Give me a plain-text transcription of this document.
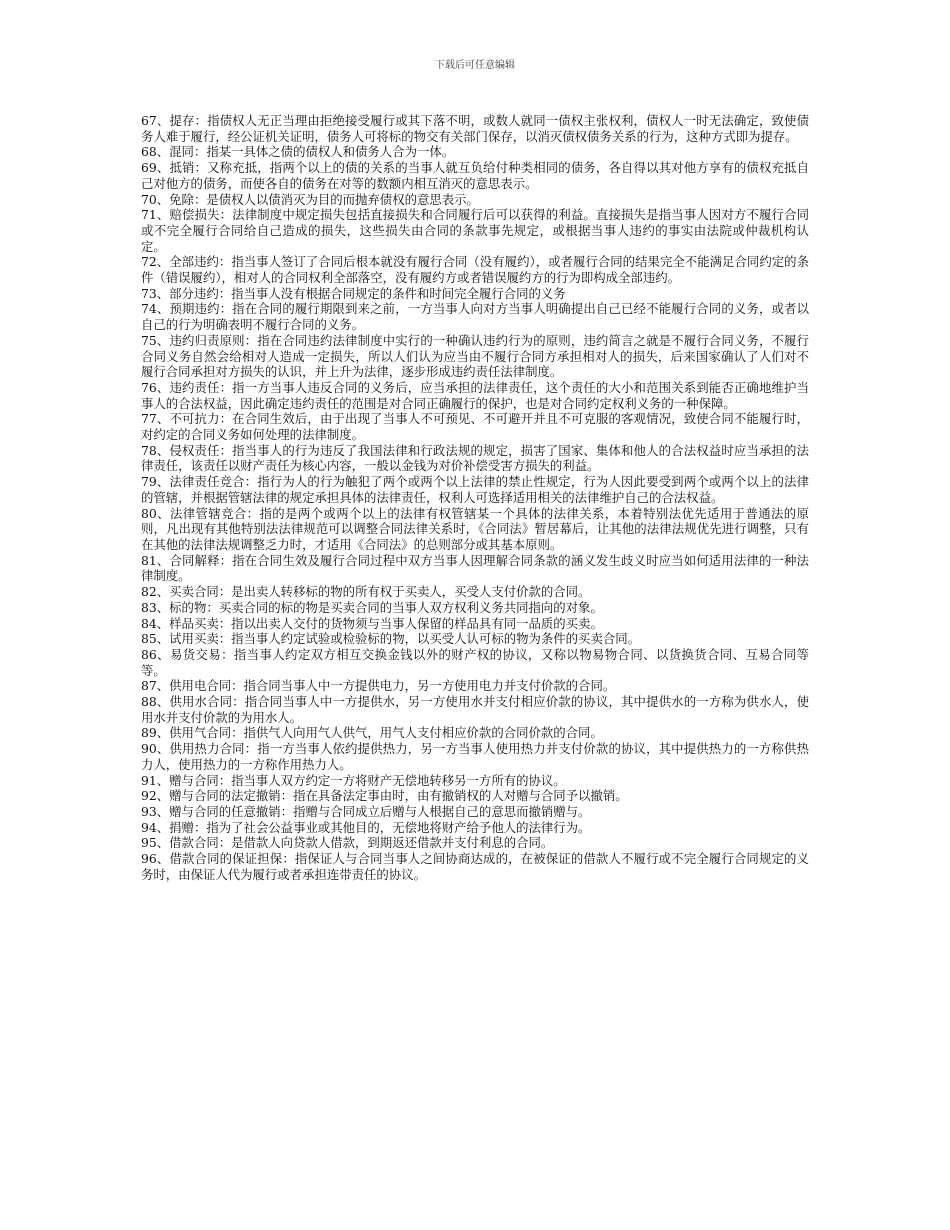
下载后可任意编辑

67、提存：指债权人无正当理由拒绝接受履行或其下落不明，或数人就同一债权主张权利，债权人一时无法确定，致使债务人难于履行，经公证机关证明，债务人可将标的物交有关部门保存，以消灭债权债务关系的行为，这种方式即为提存。

68、混同：指某一具体之债的债权人和债务人合为一体。

69、抵销：又称充抵，指两个以上的债的关系的当事人就互负给付种类相同的债务，各自得以其对他方享有的债权充抵自己对他方的债务，而使各自的债务在对等的数额内相互消灭的意思表示。

70、免除：是债权人以债消灭为目的而抛弃债权的意思表示。

71、赔偿损失：法律制度中规定损失包括直接损失和合同履行后可以获得的利益。直接损失是指当事人因对方不履行合同或不完全履行合同给自己造成的损失，这些损失由合同的条款事先规定，或根据当事人违约的事实由法院或仲裁机构认定。

72、全部违约：指当事人签订了合同后根本就没有履行合同（没有履约），或者履行合同的结果完全不能满足合同约定的条件（错误履约），相对人的合同权利全部落空，没有履约方或者错误履约方的行为即构成全部违约。

73、部分违约：指当事人没有根据合同规定的条件和时间完全履行合同的义务

74、预期违约：指在合同的履行期限到来之前，一方当事人向对方当事人明确提出自己已经不能履行合同的义务，或者以自己的行为明确表明不履行合同的义务。

75、违约归责原则：指在合同违约法律制度中实行的一种确认违约行为的原则，违约简言之就是不履行合同义务，不履行合同义务自然会给相对人造成一定损失，所以人们认为应当由不履行合同方承担相对人的损失，后来国家确认了人们对不履行合同承担对方损失的认识，并上升为法律，逐步形成违约责任法律制度。

76、违约责任：指一方当事人违反合同的义务后，应当承担的法律责任，这个责任的大小和范围关系到能否正确地维护当事人的合法权益，因此确定违约责任的范围是对合同正确履行的保护，也是对合同约定权利义务的一种保障。

77、不可抗力：在合同生效后，由于出现了当事人不可预见、不可避开并且不可克服的客观情况，致使合同不能履行时，对约定的合同义务如何处理的法律制度。

78、侵权责任：指当事人的行为违反了我国法律和行政法规的规定，损害了国家、集体和他人的合法权益时应当承担的法律责任，该责任以财产责任为核心内容，一般以金钱为对价补偿受害方损失的利益。

79、法律责任竞合：指行为人的行为触犯了两个或两个以上法律的禁止性规定，行为人因此要受到两个或两个以上的法律的管辖，并根据管辖法律的规定承担具体的法律责任，权利人可选择适用相关的法律维护自己的合法权益。

80、法律管辖竞合：指的是两个或两个以上的法律有权管辖某一个具体的法律关系，本着特别法优先适用于普通法的原则，凡出现有其他特别法法律规范可以调整合同法律关系时，《合同法》暂居幕后，让其他的法律法规优先进行调整，只有在其他的法律法规调整乏力时，才适用《合同法》的总则部分或其基本原则。

81、合同解释：指在合同生效及履行合同过程中双方当事人因理解合同条款的涵义发生歧义时应当如何适用法律的一种法律制度。

82、买卖合同：是出卖人转移标的物的所有权于买卖人，买受人支付价款的合同。

83、标的物：买卖合同的标的物是买卖合同的当事人双方权利义务共同指向的对象。

84、样品买卖：指以出卖人交付的货物须与当事人保留的样品具有同一品质的买卖。

85、试用买卖：指当事人约定试验或检验标的物，以买受人认可标的物为条件的买卖合同。

86、易货交易：指当事人约定双方相互交换金钱以外的财产权的协议，又称以物易物合同、以货换货合同、互易合同等等。

87、供用电合同：指合同当事人中一方提供电力，另一方使用电力并支付价款的合同。

88、供用水合同：指合同当事人中一方提供水，另一方使用水并支付相应价款的协议，其中提供水的一方称为供水人，使用水并支付价款的为用水人。

89、供用气合同：指供气人向用气人供气，用气人支付相应价款的合同价款的合同。

90、供用热力合同：指一方当事人依约提供热力，另一方当事人使用热力并支付价款的协议，其中提供热力的一方称供热力人，使用热力的一方称作用热力人。

91、赠与合同：指当事人双方约定一方将财产无偿地转移另一方所有的协议。

92、赠与合同的法定撤销：指在具备法定事由时，由有撤销权的人对赠与合同予以撤销。

93、赠与合同的任意撤销：指赠与合同成立后赠与人根据自己的意思而撤销赠与。

94、捐赠：指为了社会公益事业或其他目的，无偿地将财产给予他人的法律行为。

95、借款合同：是借款人向贷款人借款，到期返还借款并支付利息的合同。

96、借款合同的保证担保：指保证人与合同当事人之间协商达成的，在被保证的借款人不履行或不完全履行合同规定的义务时，由保证人代为履行或者承担连带责任的协议。
